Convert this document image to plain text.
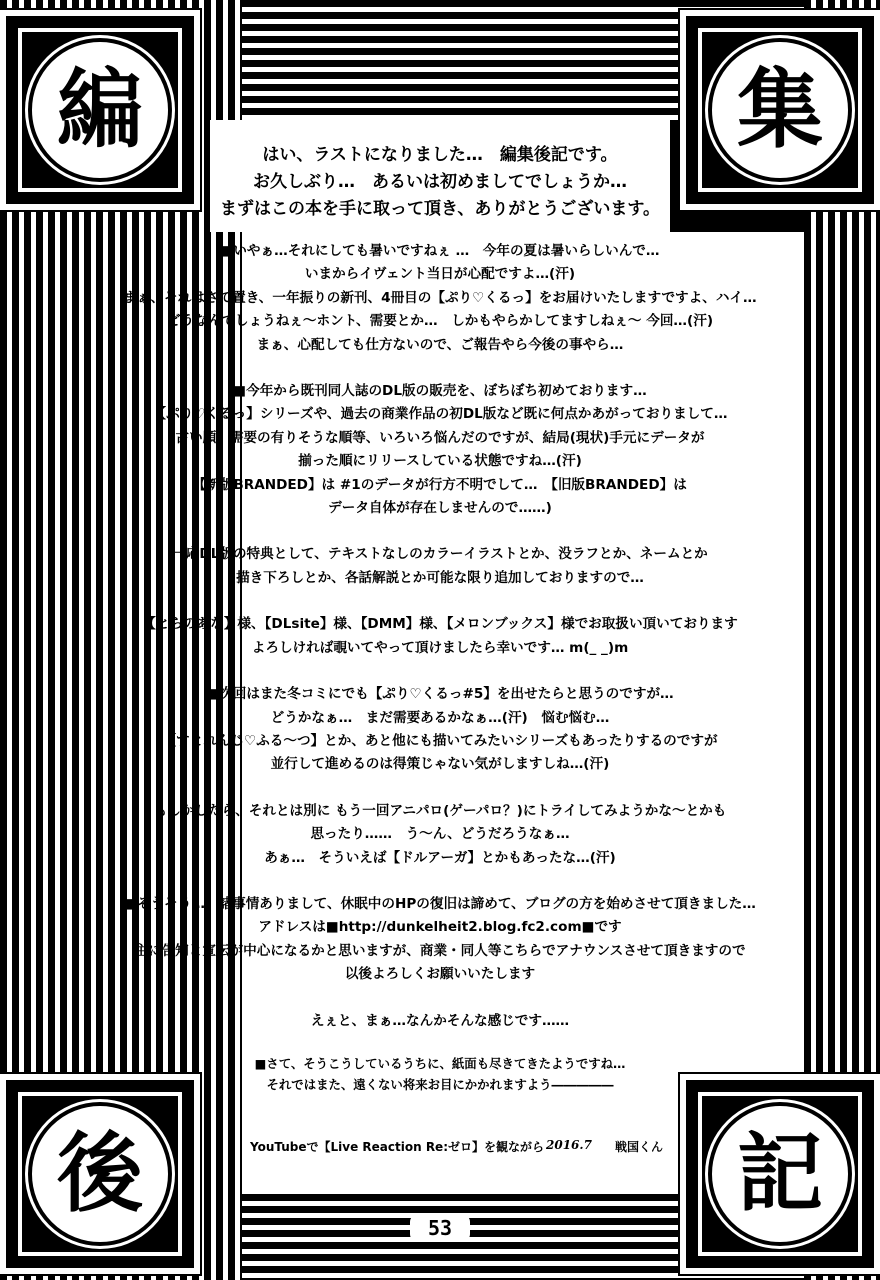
編	集
後	記
はい、ラストになりました…　編集後記です。
お久しぶり…　あるいは初めましてでしょうか…
まずはこの本を手に取って頂き、ありがとうございます。

■いやぁ…それにしても暑いですねぇ …　今年の夏は暑いらしいんで…
いまからイヴェント当日が心配ですよ…(汗)
まぁ、それはさて置き、一年振りの新刊、4冊目の【ぷり♡くるっ】をお届けいたしますですよ、ハイ…
どうなんでしょうねぇ～ホント、需要とか…　しかもやらかしてますしねぇ～ 今回…(汗)
まぁ、心配しても仕方ないので、ご報告やら今後の事やら…

■今年から既刊同人誌のDL版の販売を、ぼちぼち初めております…
【ぷり♡くるっ】シリーズや、過去の商業作品の初DL版など既に何点かあがっておりまして…
古い順、需要の有りそうな順等、いろいろ悩んだのですが、結局(現状)手元にデータが
揃った順にリリースしている状態ですね…(汗)
(【新版BRANDED】は #1のデータが行方不明でして…　【旧版BRANDED】は
データ自体が存在しませんので……)

一応DL版の特典として、テキストなしのカラーイラストとか、没ラフとか、ネームとか
描き下ろしとか、各話解説とか可能な限り追加しておりますので…

【とらのあな】様、【DLsite】様、【DMM】様、【メロンブックス】様でお取扱い頂いております
よろしければ覗いてやって頂けましたら幸いです… m(_ _)m

■次回はまた冬コミにでも【ぷり♡くるっ#5】を出せたらと思うのですが…
どうかなぁ…　まだ需要あるかなぁ…(汗)　悩む悩む…
【すとれんじ♡ふる～つ】とか、あと他にも描いてみたいシリーズもあったりするのですが
並行して進めるのは得策じゃない気がしますしね…(汗)

もしかしたら、それとは別に もう一回アニパロ(ゲーパロ？)にトライしてみようかな～とかも
思ったり……　う～ん、どうだろうなぁ…
あぁ…　そういえば【ドルアーガ】とかもあったな…(汗)

■そうそう…　諸事情ありまして、休眠中のHPの復旧は諦めて、ブログの方を始めさせて頂きました…
アドレスは■http://dunkelheit2.blog.fc2.com■です
主に告知と宣伝が中心になるかと思いますが、商業・同人等こちらでアナウンスさせて頂きますので
以後よろしくお願いいたします

えぇと、まぁ…なんかそんな感じです……

■さて、そうこうしているうちに、紙面も尽きてきたようですね…
それではまた、遠くない将来お目にかかれますよう―――――

YouTubeで【Live Reaction Re:ゼロ】を観ながら 2016.7 戦国くん
53
